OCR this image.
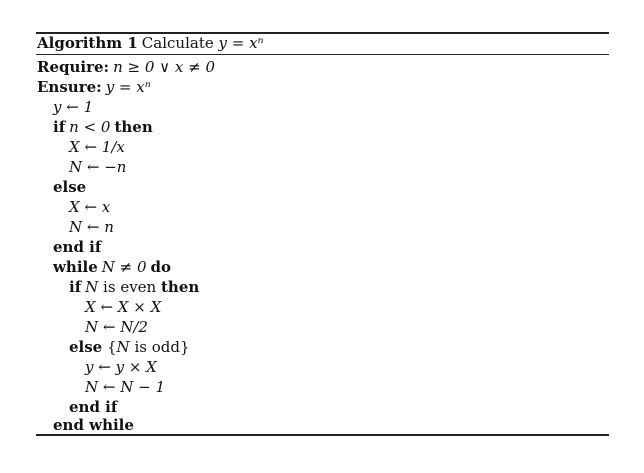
Algorithm 1 Calculate y = xⁿ
Require: n ≥ 0 ∨ x ≠ 0
Ensure: y = xⁿ
y ← 1
if n < 0 then
X ← 1/x
N ← −n
else
X ← x
N ← n
end if
while N ≠ 0 do
if N is even then
X ← X × X
N ← N/2
else {N is odd}
y ← y × X
N ← N − 1
end if
end while
